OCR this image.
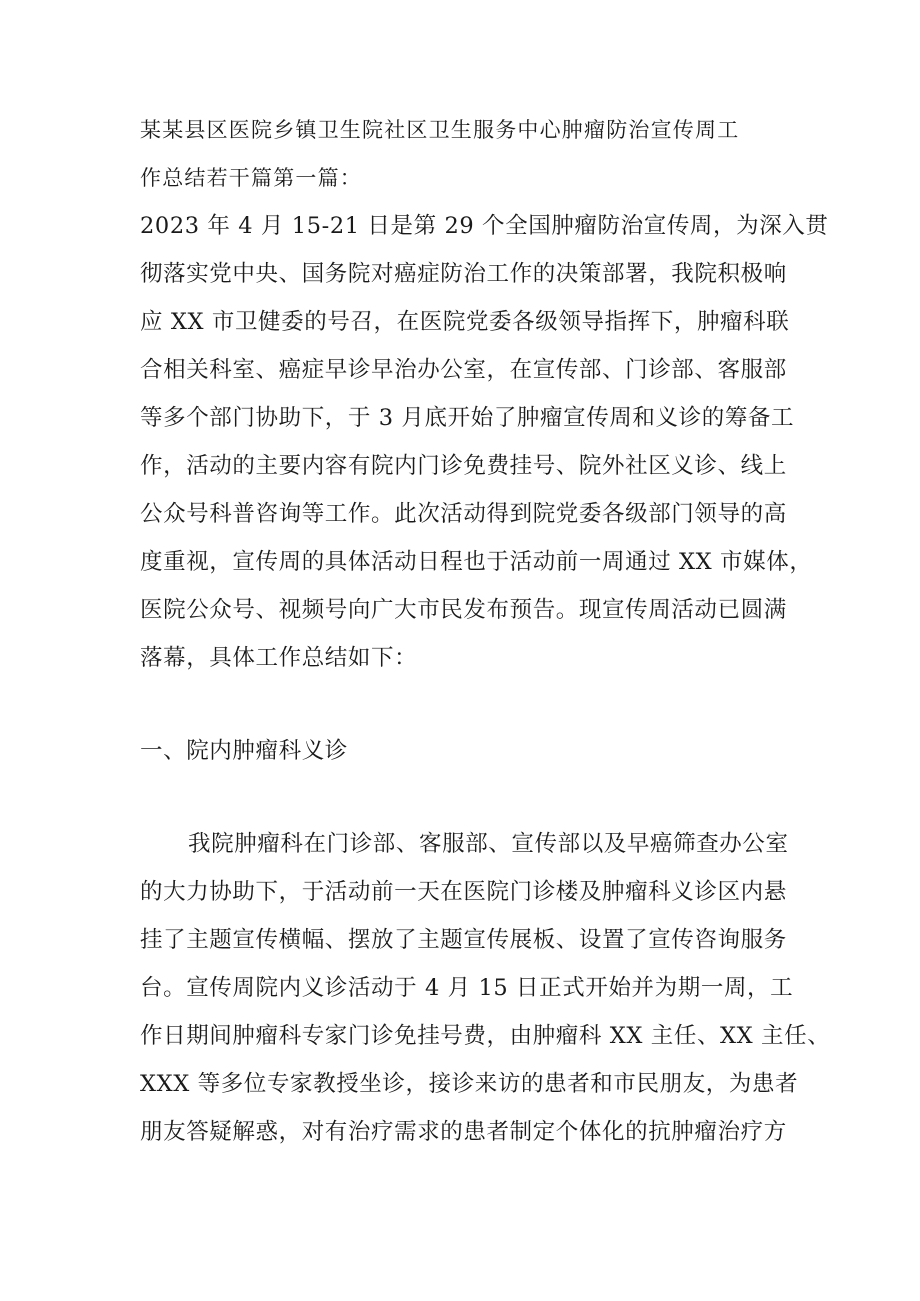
某某县区医院乡镇卫生院社区卫生服务中心肿瘤防治宣传周工
作总结若干篇第一篇：
2023 年 4 月 15-21 日是第 29 个全国肿瘤防治宣传周，为深入贯
彻落实党中央、国务院对癌症防治工作的决策部署，我院积极响
应 XX 市卫健委的号召，在医院党委各级领导指挥下，肿瘤科联
合相关科室、癌症早诊早治办公室，在宣传部、门诊部、客服部
等多个部门协助下，于 3 月底开始了肿瘤宣传周和义诊的筹备工
作，活动的主要内容有院内门诊免费挂号、院外社区义诊、线上
公众号科普咨询等工作。此次活动得到院党委各级部门领导的高
度重视，宣传周的具体活动日程也于活动前一周通过 XX 市媒体，
医院公众号、视频号向广大市民发布预告。现宣传周活动已圆满
落幕，具体工作总结如下：
一、院内肿瘤科义诊
我院肿瘤科在门诊部、客服部、宣传部以及早癌筛查办公室
的大力协助下，于活动前一天在医院门诊楼及肿瘤科义诊区内悬
挂了主题宣传横幅、摆放了主题宣传展板、设置了宣传咨询服务
台。宣传周院内义诊活动于 4 月 15 日正式开始并为期一周，工
作日期间肿瘤科专家门诊免挂号费，由肿瘤科 XX 主任、XX 主任、
XXX 等多位专家教授坐诊，接诊来访的患者和市民朋友，为患者
朋友答疑解惑，对有治疗需求的患者制定个体化的抗肿瘤治疗方
